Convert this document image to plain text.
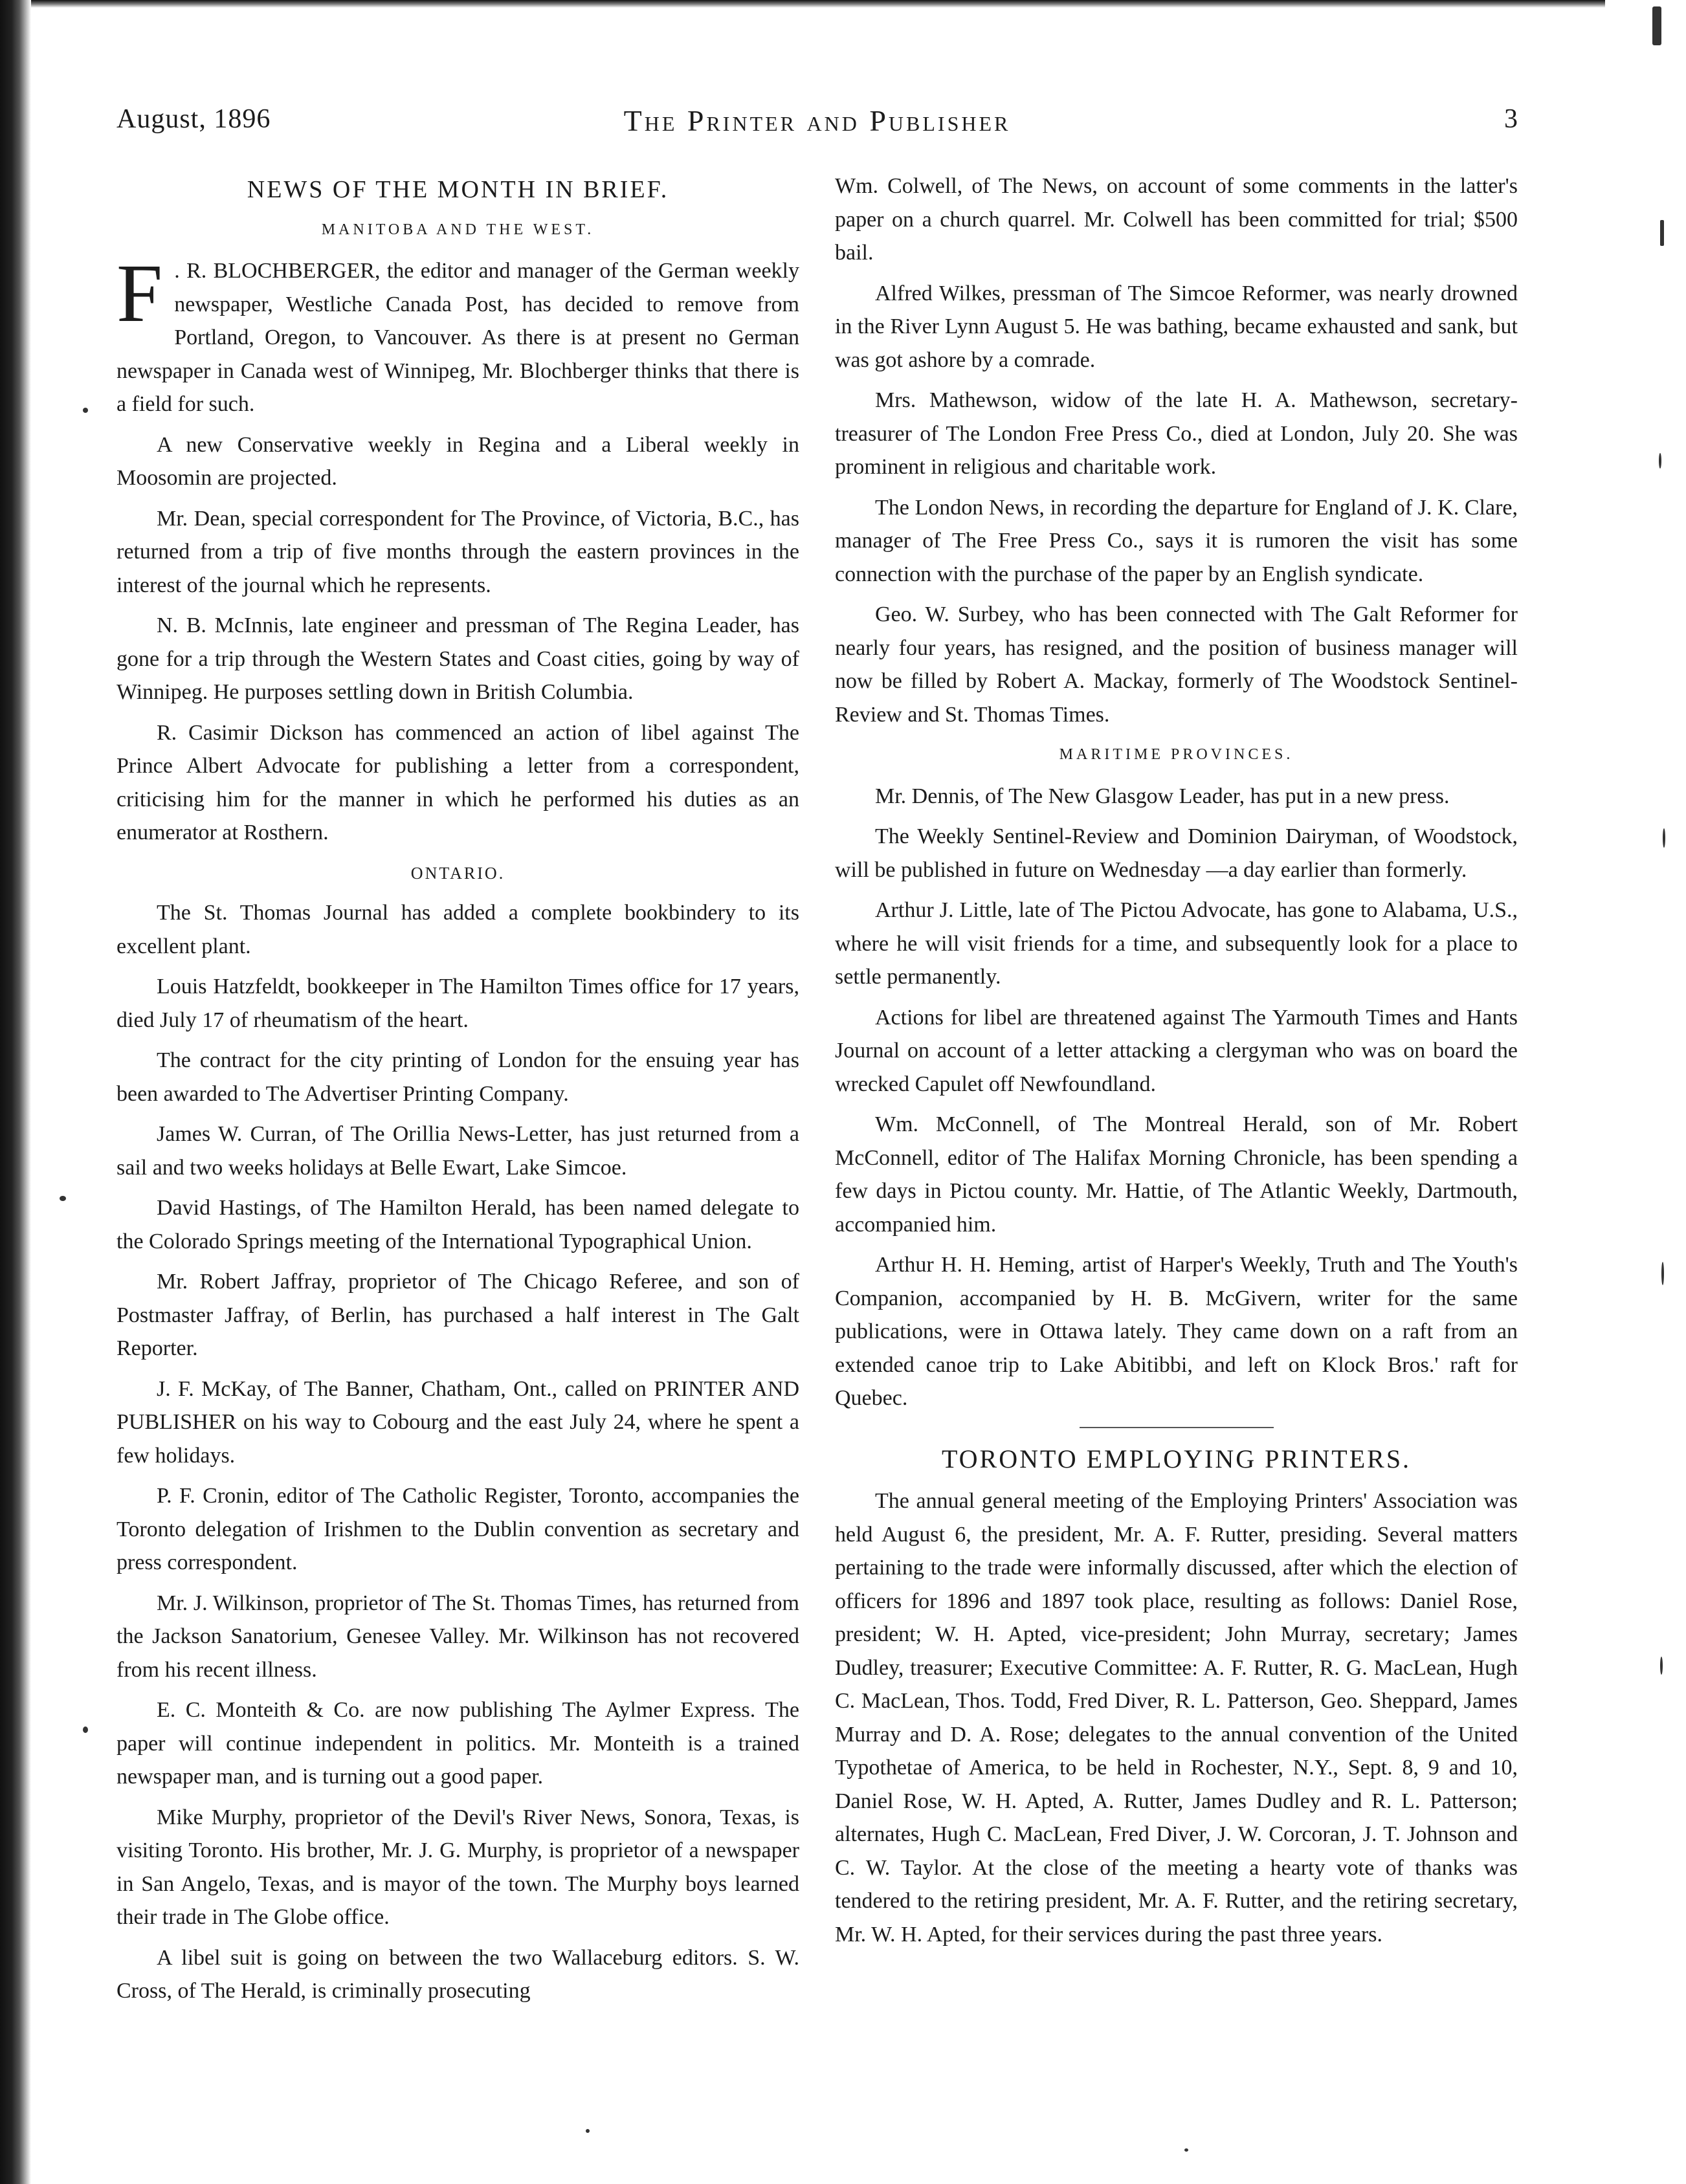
August, 1896	The Printer and Publisher	3
NEWS OF THE MONTH IN BRIEF.
MANITOBA AND THE WEST.

F . R. BLOCHBERGER, the editor and manager of the German weekly newspaper, Westliche Canada Post, has decided to remove from Portland, Oregon, to Vancouver. As there is at present no German newspaper in Canada west of Winnipeg, Mr. Blochberger thinks that there is a field for such.

A new Conservative weekly in Regina and a Liberal weekly in Moosomin are projected.

Mr. Dean, special correspondent for The Province, of Victoria, B.C., has returned from a trip of five months through the eastern provinces in the interest of the journal which he represents.

N. B. McInnis, late engineer and pressman of The Regina Leader, has gone for a trip through the Western States and Coast cities, going by way of Winnipeg. He purposes settling down in British Columbia.

R. Casimir Dickson has commenced an action of libel against The Prince Albert Advocate for publishing a letter from a correspondent, criticising him for the manner in which he performed his duties as an enumerator at Rosthern.

ONTARIO.

The St. Thomas Journal has added a complete bookbindery to its excellent plant.

Louis Hatzfeldt, bookkeeper in The Hamilton Times office for 17 years, died July 17 of rheumatism of the heart.

The contract for the city printing of London for the ensuing year has been awarded to The Advertiser Printing Company.

James W. Curran, of The Orillia News-Letter, has just returned from a sail and two weeks holidays at Belle Ewart, Lake Simcoe.

David Hastings, of The Hamilton Herald, has been named delegate to the Colorado Springs meeting of the International Typographical Union.

Mr. Robert Jaffray, proprietor of The Chicago Referee, and son of Postmaster Jaffray, of Berlin, has purchased a half interest in The Galt Reporter.

J. F. McKay, of The Banner, Chatham, Ont., called on PRINTER AND PUBLISHER on his way to Cobourg and the east July 24, where he spent a few holidays.

P. F. Cronin, editor of The Catholic Register, Toronto, accompanies the Toronto delegation of Irishmen to the Dublin convention as secretary and press correspondent.

Mr. J. Wilkinson, proprietor of The St. Thomas Times, has returned from the Jackson Sanatorium, Genesee Valley. Mr. Wilkinson has not recovered from his recent illness.

E. C. Monteith & Co. are now publishing The Aylmer Express. The paper will continue independent in politics. Mr. Monteith is a trained newspaper man, and is turning out a good paper.

Mike Murphy, proprietor of the Devil's River News, Sonora, Texas, is visiting Toronto. His brother, Mr. J. G. Murphy, is proprietor of a newspaper in San Angelo, Texas, and is mayor of the town. The Murphy boys learned their trade in The Globe office.

A libel suit is going on between the two Wallaceburg editors. S. W. Cross, of The Herald, is criminally prosecuting

Wm. Colwell, of The News, on account of some comments in the latter's paper on a church quarrel. Mr. Colwell has been committed for trial; $500 bail.

Alfred Wilkes, pressman of The Simcoe Reformer, was nearly drowned in the River Lynn August 5. He was bathing, became exhausted and sank, but was got ashore by a comrade.

Mrs. Mathewson, widow of the late H. A. Mathewson, secretary-treasurer of The London Free Press Co., died at London, July 20. She was prominent in religious and charitable work.

The London News, in recording the departure for England of J. K. Clare, manager of The Free Press Co., says it is rumoren the visit has some connection with the purchase of the paper by an English syndicate.

Geo. W. Surbey, who has been connected with The Galt Reformer for nearly four years, has resigned, and the position of business manager will now be filled by Robert A. Mackay, formerly of The Woodstock Sentinel-Review and St. Thomas Times.

MARITIME PROVINCES.

Mr. Dennis, of The New Glasgow Leader, has put in a new press.

The Weekly Sentinel-Review and Dominion Dairyman, of Woodstock, will be published in future on Wednesday —a day earlier than formerly.

Arthur J. Little, late of The Pictou Advocate, has gone to Alabama, U.S., where he will visit friends for a time, and subsequently look for a place to settle permanently.

Actions for libel are threatened against The Yarmouth Times and Hants Journal on account of a letter attacking a clergyman who was on board the wrecked Capulet off Newfoundland.

Wm. McConnell, of The Montreal Herald, son of Mr. Robert McConnell, editor of The Halifax Morning Chronicle, has been spending a few days in Pictou county. Mr. Hattie, of The Atlantic Weekly, Dartmouth, accompanied him.

Arthur H. H. Heming, artist of Harper's Weekly, Truth and The Youth's Companion, accompanied by H. B. McGivern, writer for the same publications, were in Ottawa lately. They came down on a raft from an extended canoe trip to Lake Abitibbi, and left on Klock Bros.' raft for Quebec.

TORONTO EMPLOYING PRINTERS.

The annual general meeting of the Employing Printers' Association was held August 6, the president, Mr. A. F. Rutter, presiding. Several matters pertaining to the trade were informally discussed, after which the election of officers for 1896 and 1897 took place, resulting as follows: Daniel Rose, president; W. H. Apted, vice-president; John Murray, secretary; James Dudley, treasurer; Executive Committee: A. F. Rutter, R. G. MacLean, Hugh C. MacLean, Thos. Todd, Fred Diver, R. L. Patterson, Geo. Sheppard, James Murray and D. A. Rose; delegates to the annual convention of the United Typothetae of America, to be held in Rochester, N.Y., Sept. 8, 9 and 10, Daniel Rose, W. H. Apted, A. Rutter, James Dudley and R. L. Patterson; alternates, Hugh C. MacLean, Fred Diver, J. W. Corcoran, J. T. Johnson and C. W. Taylor. At the close of the meeting a hearty vote of thanks was tendered to the retiring president, Mr. A. F. Rutter, and the retiring secretary, Mr. W. H. Apted, for their services during the past three years.
